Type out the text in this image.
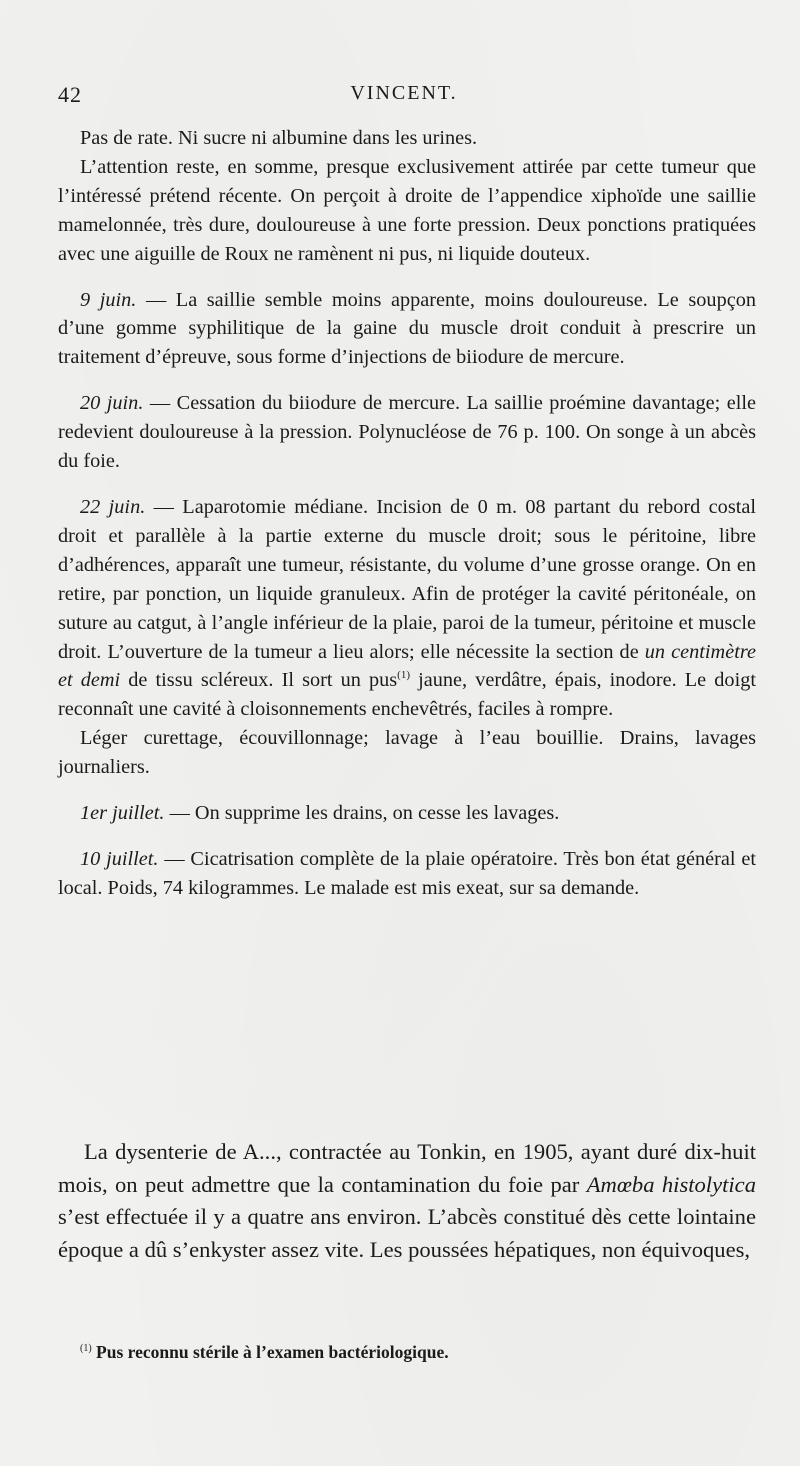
42	VINCENT.

Pas de rate. Ni sucre ni albumine dans les urines.

L’attention reste, en somme, presque exclusivement attirée par cette tumeur que l’intéressé prétend récente. On perçoit à droite de l’appendice xiphoïde une saillie mamelonnée, très dure, douloureuse à une forte pression. Deux ponctions pratiquées avec une aiguille de Roux ne ramènent ni pus, ni liquide douteux.

9 juin. — La saillie semble moins apparente, moins douloureuse. Le soupçon d’une gomme syphilitique de la gaine du muscle droit conduit à prescrire un traitement d’épreuve, sous forme d’injections de biiodure de mercure.

20 juin. — Cessation du biiodure de mercure. La saillie proémine davantage; elle redevient douloureuse à la pression. Polynucléose de 76 p. 100. On songe à un abcès du foie.

22 juin. — Laparotomie médiane. Incision de 0 m. 08 partant du rebord costal droit et parallèle à la partie externe du muscle droit; sous le péritoine, libre d’adhérences, apparaît une tumeur, résistante, du volume d’une grosse orange. On en retire, par ponction, un liquide granuleux. Afin de protéger la cavité péritonéale, on suture au catgut, à l’angle inférieur de la plaie, paroi de la tumeur, péritoine et muscle droit. L’ouverture de la tumeur a lieu alors; elle nécessite la section de un centimètre et demi de tissu scléreux. Il sort un pus$^{(1)}$ jaune, verdâtre, épais, inodore. Le doigt reconnaît une cavité à cloisonnements enchevêtrés, faciles à rompre.

Léger curettage, écouvillonnage; lavage à l’eau bouillie. Drains, lavages journaliers.

1er juillet. — On supprime les drains, on cesse les lavages.

10 juillet. — Cicatrisation complète de la plaie opératoire. Très bon état général et local. Poids, 74 kilogrammes. Le malade est mis exeat, sur sa demande.

La dysenterie de A..., contractée au Tonkin, en 1905, ayant duré dix-huit mois, on peut admettre que la contamination du foie par Amœba histolytica s’est effectuée il y a quatre ans environ. L’abcès constitué dès cette lointaine époque a dû s’enkyster assez vite. Les poussées hépatiques, non équivoques,

$^{(1)}$ Pus reconnu stérile à l’examen bactériologique.
